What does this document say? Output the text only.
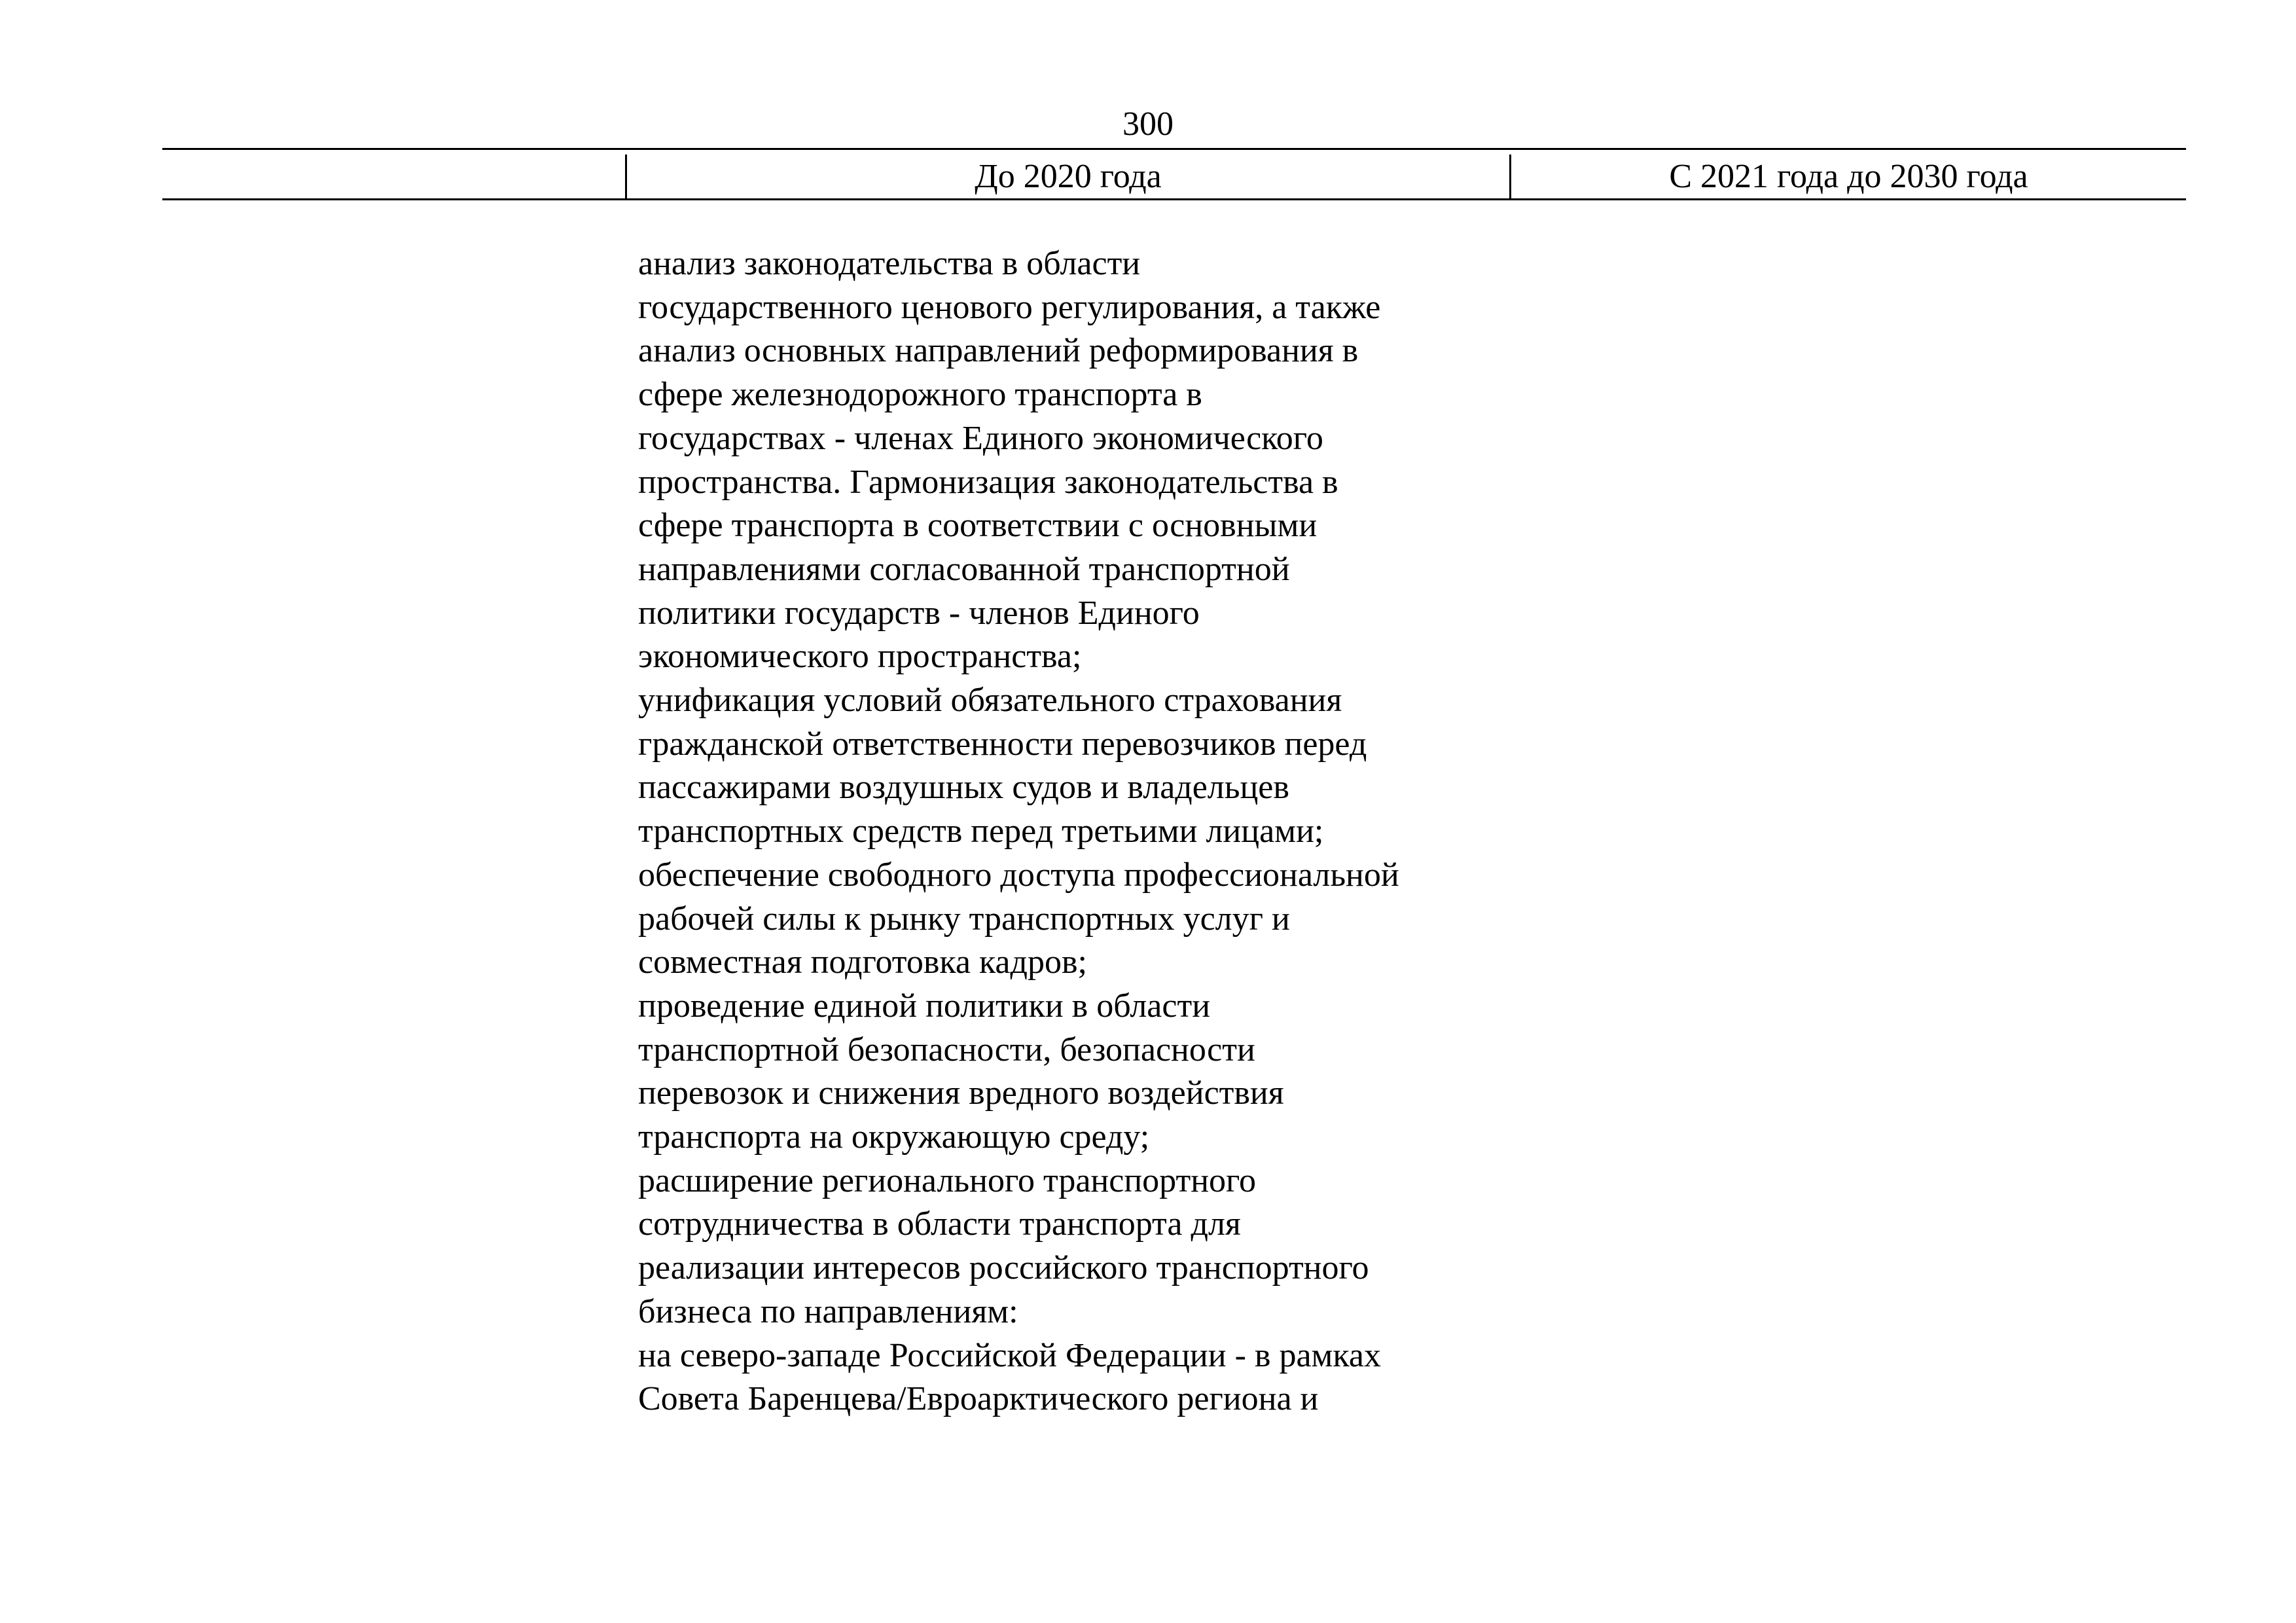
300
До 2020 года	С 2021 года до 2030 года
анализ законодательства в области
государственного ценового регулирования, а также
анализ основных направлений реформирования в
сфере железнодорожного транспорта в
государствах - членах Единого экономического
пространства. Гармонизация законодательства в
сфере транспорта в соответствии с основными
направлениями согласованной транспортной
политики государств - членов Единого
экономического пространства;
унификация условий обязательного страхования
гражданской ответственности перевозчиков перед
пассажирами воздушных судов и владельцев
транспортных средств перед третьими лицами;
обеспечение свободного доступа профессиональной
рабочей силы к рынку транспортных услуг и
совместная подготовка кадров;
проведение единой политики в области
транспортной безопасности, безопасности
перевозок и снижения вредного воздействия
транспорта на окружающую среду;
расширение регионального транспортного
сотрудничества в области транспорта для
реализации интересов российского транспортного
бизнеса по направлениям:
на северо-западе Российской Федерации - в рамках
Совета Баренцева/Евроарктического региона и
